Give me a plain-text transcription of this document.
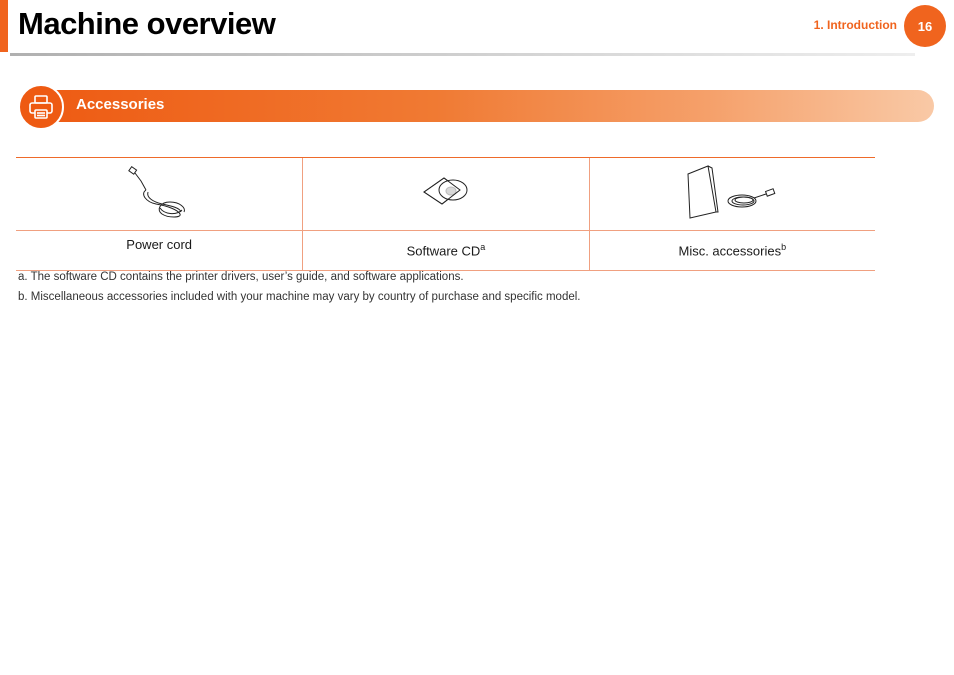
Machine overview	1. Introduction	16
Accessories

Power cord	Software $CD^a$	Misc. accessories$^b$
a. The software CD contains the printer drivers, user’s guide, and software applications.
b. Miscellaneous accessories included with your machine may vary by country of purchase and specific model.
